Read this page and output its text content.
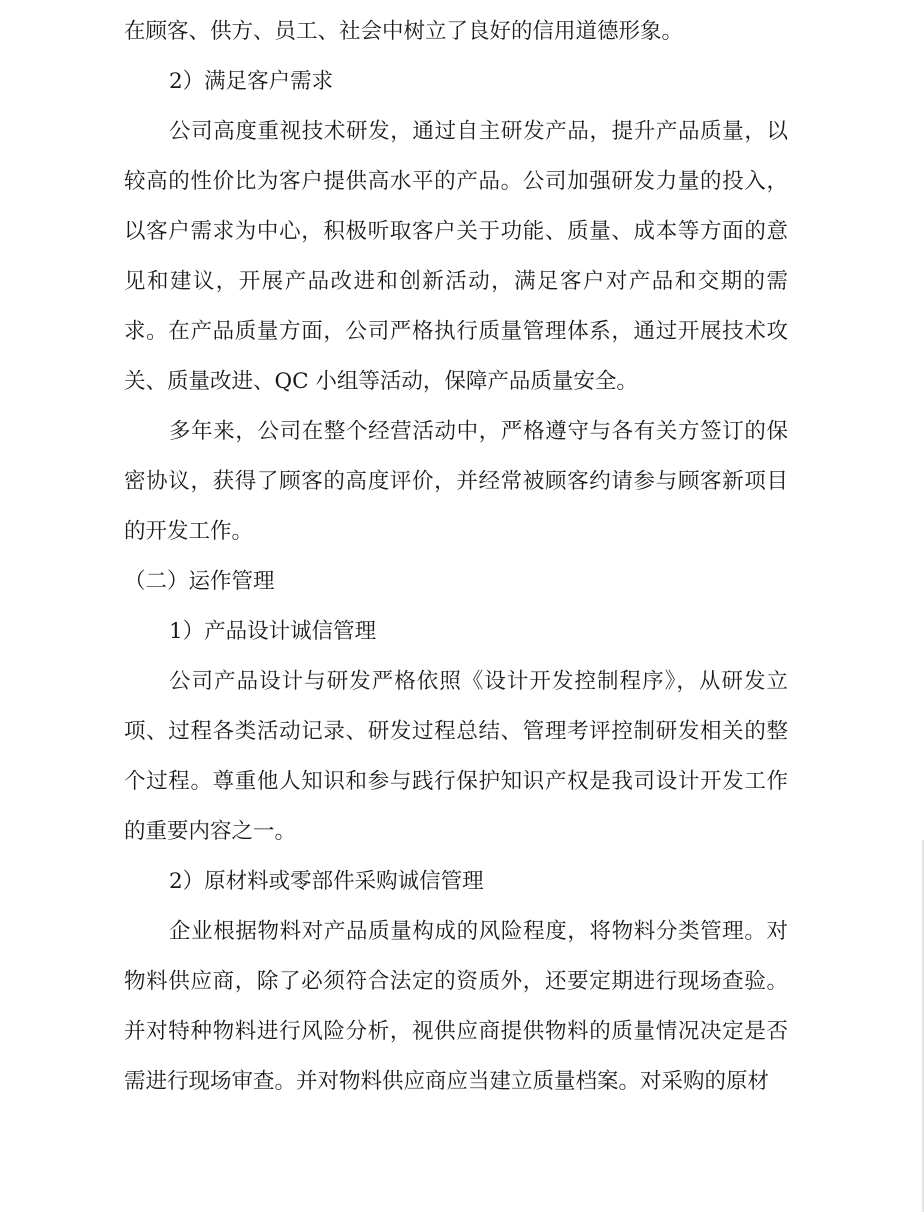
在顾客、供方、员工、社会中树立了良好的信用道德形象。

2）满足客户需求

公司高度重视技术研发，通过自主研发产品，提升产品质量，以较高的性价比为客户提供高水平的产品。公司加强研发力量的投入，以客户需求为中心，积极听取客户关于功能、质量、成本等方面的意见和建议，开展产品改进和创新活动，满足客户对产品和交期的需求。在产品质量方面，公司严格执行质量管理体系，通过开展技术攻关、质量改进、QC 小组等活动，保障产品质量安全。

多年来，公司在整个经营活动中，严格遵守与各有关方签订的保密协议，获得了顾客的高度评价，并经常被顾客约请参与顾客新项目的开发工作。

（二）运作管理

1）产品设计诚信管理

公司产品设计与研发严格依照《设计开发控制程序》，从研发立项、过程各类活动记录、研发过程总结、管理考评控制研发相关的整个过程。尊重他人知识和参与践行保护知识产权是我司设计开发工作的重要内容之一。

2）原材料或零部件采购诚信管理

企业根据物料对产品质量构成的风险程度，将物料分类管理。对物料供应商，除了必须符合法定的资质外，还要定期进行现场查验。并对特种物料进行风险分析，视供应商提供物料的质量情况决定是否需进行现场审查。并对物料供应商应当建立质量档案。对采购的原材
